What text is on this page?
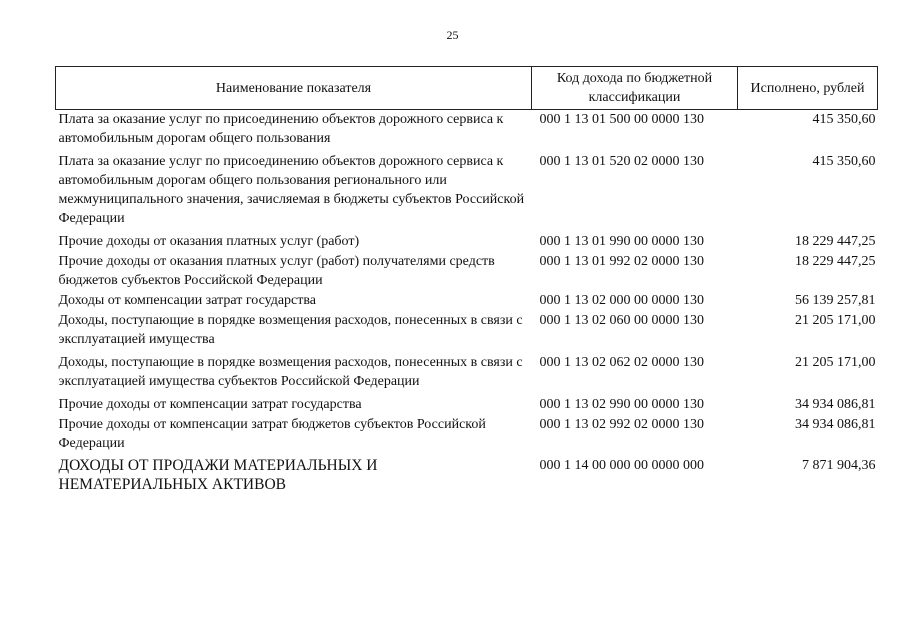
25
Наименование показателя	Код дохода по бюджетной классификации	Исполнено, рублей
Плата за оказание услуг по присоединению объектов дорожного сервиса к автомобильным дорогам общего пользования	000 1 13 01 500 00 0000 130	415 350,60
Плата за оказание услуг по присоединению объектов дорожного сервиса к автомобильным дорогам общего пользования регионального или межмуниципального значения, зачисляемая в бюджеты субъектов Российской Федерации	000 1 13 01 520 02 0000 130	415 350,60
Прочие доходы от оказания платных услуг (работ)	000 1 13 01 990 00 0000 130	18 229 447,25
Прочие доходы от оказания платных услуг (работ) получателями средств бюджетов субъектов Российской Федерации	000 1 13 01 992 02 0000 130	18 229 447,25
Доходы от компенсации затрат государства	000 1 13 02 000 00 0000 130	56 139 257,81
Доходы, поступающие в порядке возмещения расходов, понесенных в связи с эксплуатацией имущества	000 1 13 02 060 00 0000 130	21 205 171,00
Доходы, поступающие в порядке возмещения расходов, понесенных в связи с эксплуатацией имущества субъектов Российской Федерации	000 1 13 02 062 02 0000 130	21 205 171,00
Прочие доходы от компенсации затрат государства	000 1 13 02 990 00 0000 130	34 934 086,81
Прочие доходы от компенсации затрат бюджетов субъектов Российской Федерации	000 1 13 02 992 02 0000 130	34 934 086,81
ДОХОДЫ ОТ ПРОДАЖИ МАТЕРИАЛЬНЫХ И НЕМАТЕРИАЛЬНЫХ АКТИВОВ	000 1 14 00 000 00 0000 000	7 871 904,36
